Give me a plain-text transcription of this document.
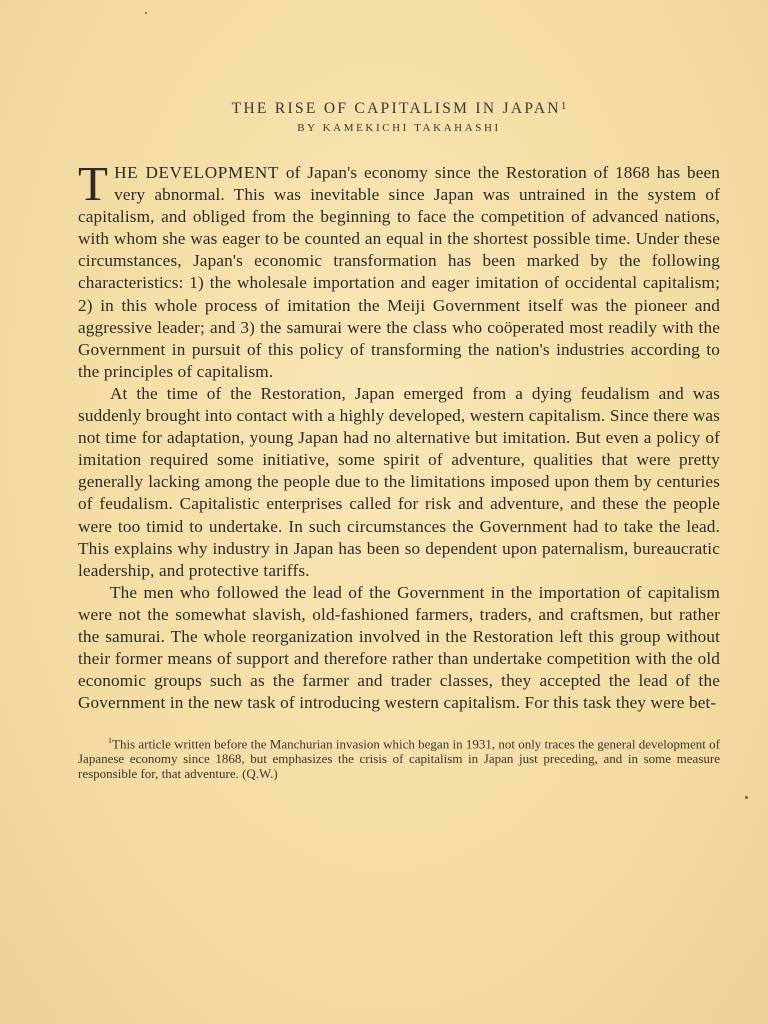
THE RISE OF CAPITALISM IN JAPAN$^1$
BY KAMEKICHI TAKAHASHI

THE DEVELOPMENT of Japan's economy since the Restoration of 1868 has been very abnormal. This was inevitable since Japan was untrained in the system of capitalism, and obliged from the beginning to face the competition of advanced nations, with whom she was eager to be counted an equal in the shortest possible time. Under these circumstances, Japan's economic transformation has been marked by the following characteristics: 1) the wholesale importation and eager imitation of occidental capitalism; 2) in this whole process of imitation the Meiji Government itself was the pioneer and aggressive leader; and 3) the samurai were the class who coöperated most readily with the Government in pursuit of this policy of transforming the nation's industries according to the principles of capitalism.

At the time of the Restoration, Japan emerged from a dying feudalism and was suddenly brought into contact with a highly developed, western capitalism. Since there was not time for adaptation, young Japan had no alternative but imitation. But even a policy of imitation required some initiative, some spirit of adventure, qualities that were pretty generally lacking among the people due to the limitations imposed upon them by centuries of feudalism. Capitalistic enterprises called for risk and adventure, and these the people were too timid to undertake. In such circumstances the Government had to take the lead. This explains why industry in Japan has been so dependent upon paternalism, bureaucratic leadership, and protective tariffs.

The men who followed the lead of the Government in the importation of capitalism were not the somewhat slavish, old-fashioned farmers, traders, and craftsmen, but rather the samurai. The whole reorganization involved in the Restoration left this group without their former means of support and therefore rather than undertake competition with the old economic groups such as the farmer and trader classes, they accepted the lead of the Government in the new task of introducing western capitalism. For this task they were bet-

$^1$This article written before the Manchurian invasion which began in 1931, not only traces the general development of Japanese economy since 1868, but emphasizes the crisis of capitalism in Japan just preceding, and in some measure responsible for, that adventure. (Q.W.)
